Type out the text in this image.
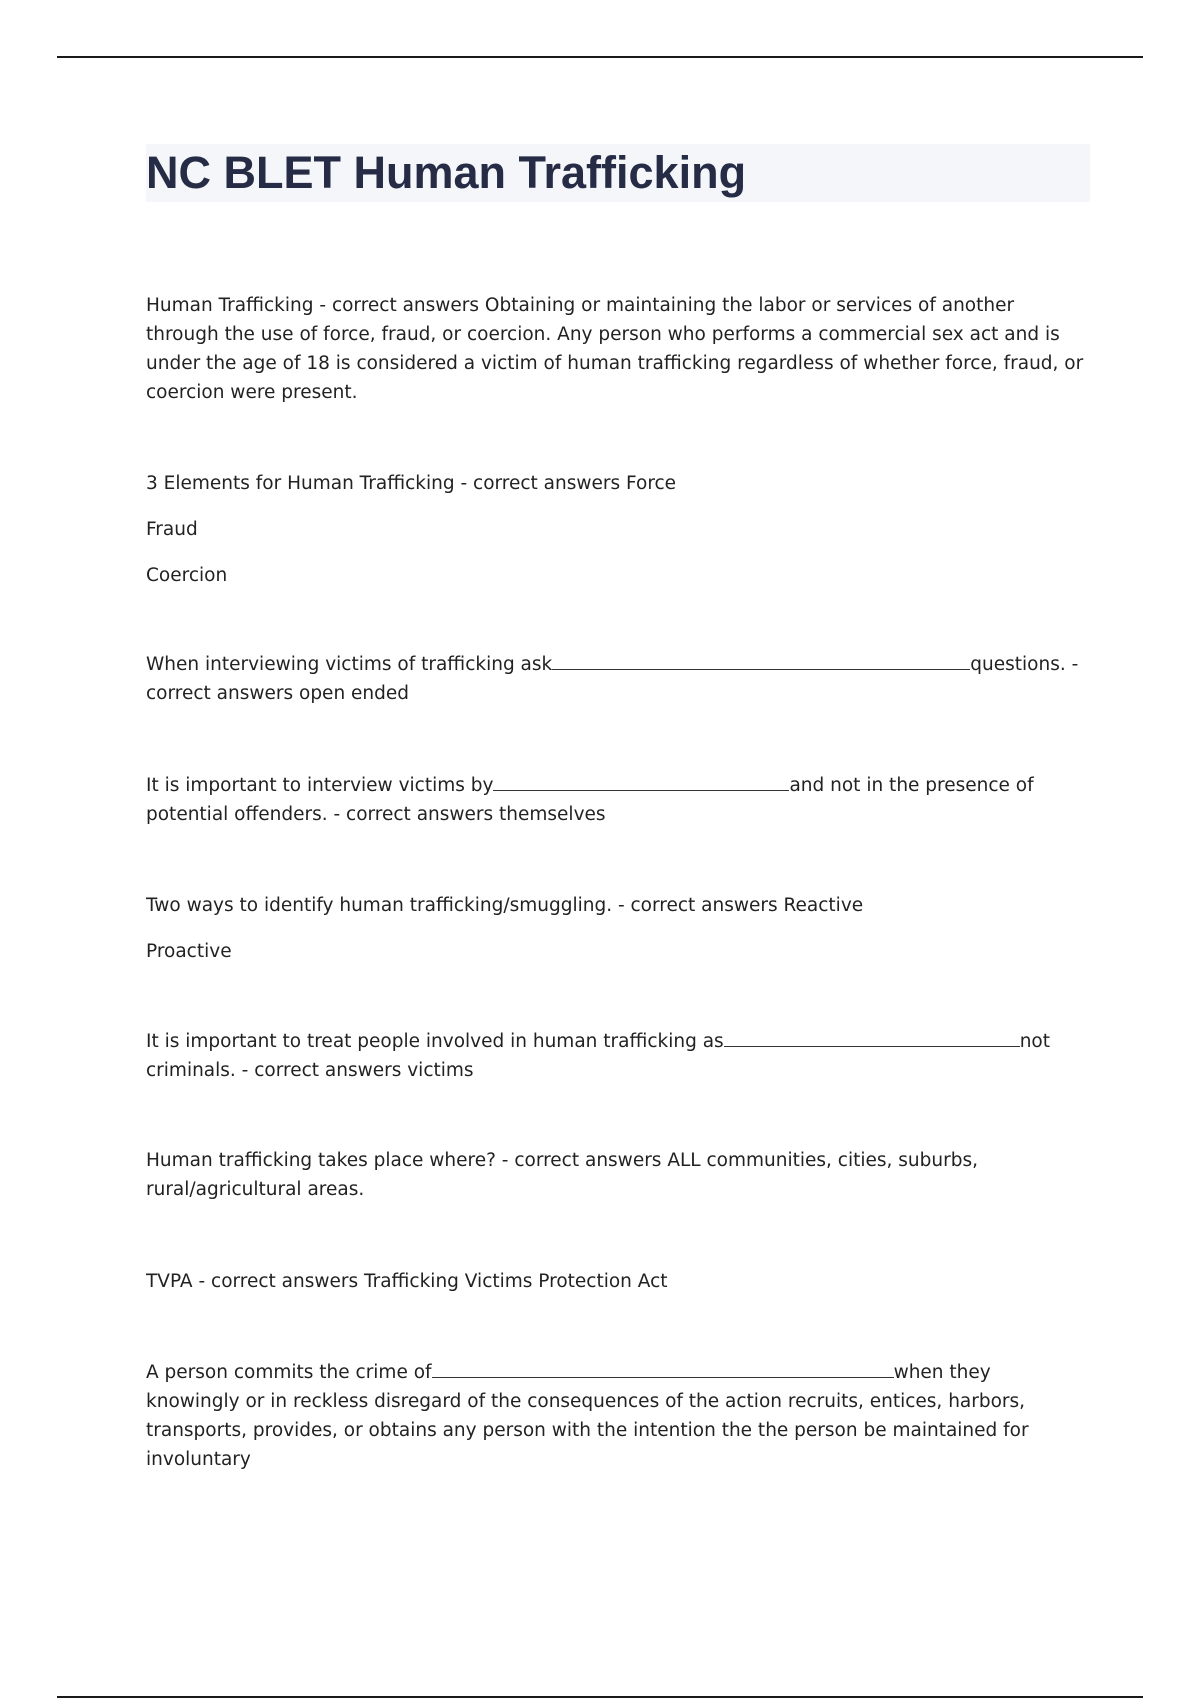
NC BLET Human Trafficking

Human Trafficking - correct answers Obtaining or maintaining the labor or services of another through the use of force, fraud, or coercion. Any person who performs a commercial sex act and is under the age of 18 is considered a victim of human trafficking regardless of whether force, fraud, or coercion were present.

3 Elements for Human Trafficking - correct answers Force

Fraud

Coercion

When interviewing victims of trafficking ask	questions. - correct answers open ended

It is important to interview victims by	and not in the presence of potential offenders. - correct answers themselves

Two ways to identify human trafficking/smuggling. - correct answers Reactive

Proactive

It is important to treat people involved in human trafficking as	not criminals. - correct answers victims

Human trafficking takes place where? - correct answers ALL communities, cities, suburbs, rural/agricultural areas.

TVPA - correct answers Trafficking Victims Protection Act

A person commits the crime of	when they knowingly or in reckless disregard of the consequences of the action recruits, entices, harbors, transports, provides, or obtains any person with the intention the the person be maintained for involuntary
